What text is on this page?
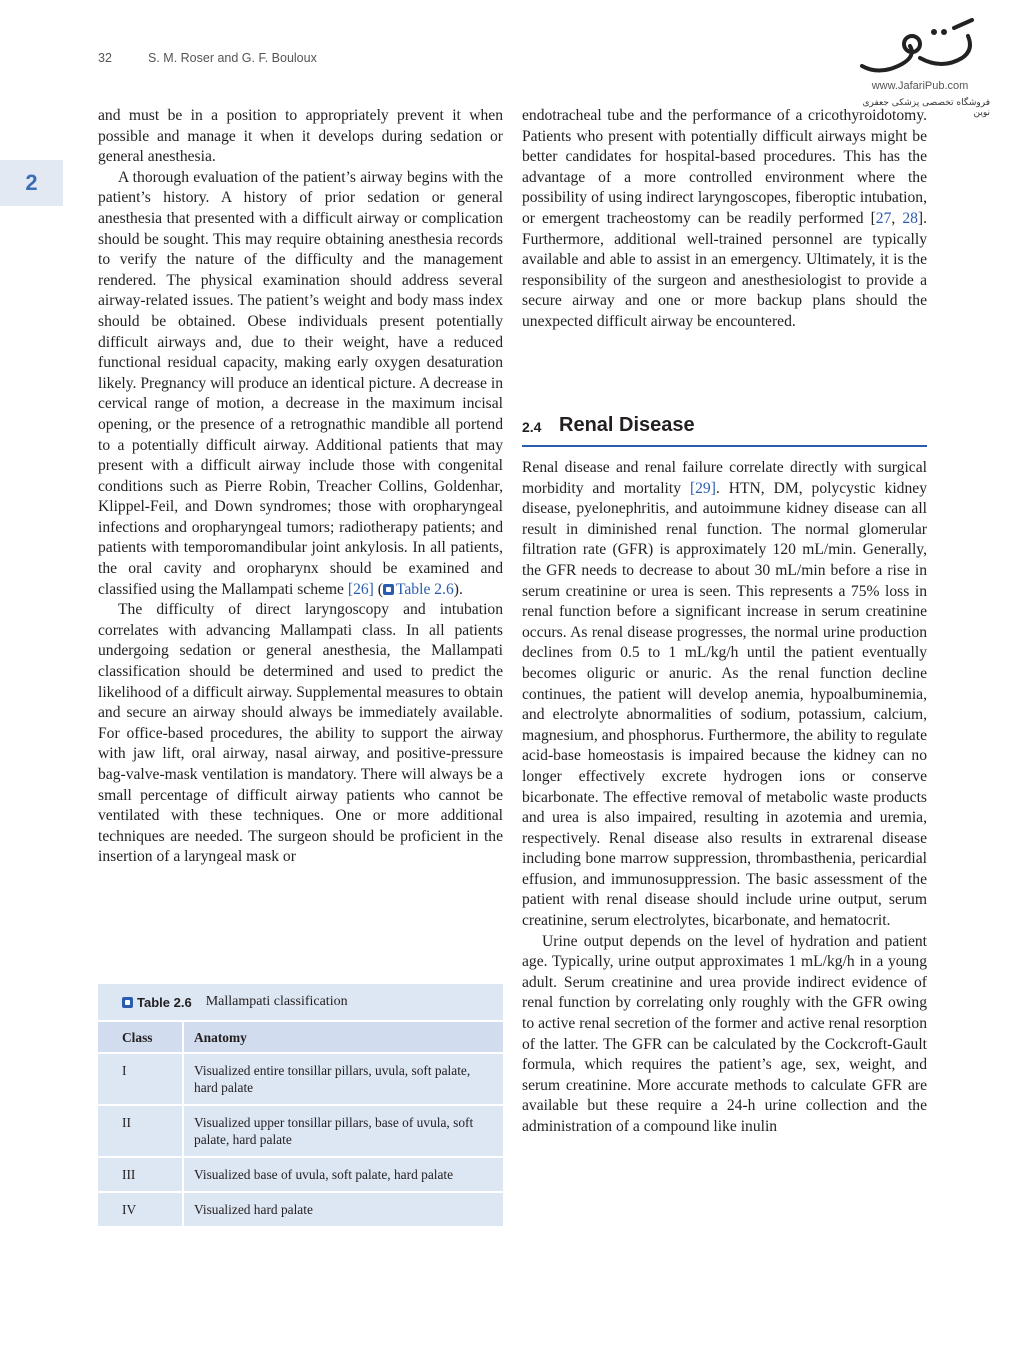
32	S. M. Roser and G. F. Bouloux
2
www.JafariPub.com
فروشگاه تخصصی پزشکی جعفری نوین

and must be in a position to appropriately prevent it when possible and manage it when it develops during sedation or general anesthesia.

A thorough evaluation of the patient’s airway begins with the patient’s history. A history of prior sedation or general anesthesia that presented with a difficult airway or complication should be sought. This may require obtaining anesthesia records to verify the nature of the difficulty and the management rendered. The physical examination should address several airway-related issues. The patient’s weight and body mass index should be obtained. Obese individuals present potentially difficult airways and, due to their weight, have a reduced functional residual capacity, making early oxygen desaturation likely. Pregnancy will produce an identical picture. A decrease in cervical range of motion, a decrease in the maximum incisal opening, or the presence of a retrognathic mandible all portend to a potentially difficult airway. Additional patients that may present with a difficult airway include those with congenital conditions such as Pierre Robin, Treacher Collins, Goldenhar, Klippel-Feil, and Down syndromes; those with oropharyngeal infections and oropharyngeal tumors; radiotherapy patients; and patients with temporomandibular joint ankylosis. In all patients, the oral cavity and oropharynx should be examined and classified using the Mallampati scheme [26] ( Table 2.6).

The difficulty of direct laryngoscopy and intubation correlates with advancing Mallampati class. In all patients undergoing sedation or general anesthesia, the Mallampati classification should be determined and used to predict the likelihood of a difficult airway. Supplemental measures to obtain and secure an airway should always be immediately available. For office-based procedures, the ability to support the airway with jaw lift, oral airway, nasal airway, and positive-pressure bag-valve-mask ventilation is mandatory. There will always be a small percentage of difficult airway patients who cannot be ventilated with these techniques. One or more additional techniques are needed. The surgeon should be proficient in the insertion of a laryngeal mask or

endotracheal tube and the performance of a cricothyroidotomy. Patients who present with potentially difficult airways might be better candidates for hospital-based procedures. This has the advantage of a more controlled environment where the possibility of using indirect laryngoscopes, fiberoptic intubation, or emergent tracheostomy can be readily performed [27, 28]. Furthermore, additional well-trained personnel are typically available and able to assist in an emergency. Ultimately, it is the responsibility of the surgeon and anesthesiologist to provide a secure airway and one or more backup plans should the unexpected difficult airway be encountered.

2.4 Renal Disease

Renal disease and renal failure correlate directly with surgical morbidity and mortality [29]. HTN, DM, polycystic kidney disease, pyelonephritis, and autoimmune kidney disease can all result in diminished renal function. The normal glomerular filtration rate (GFR) is approximately 120 mL/min. Generally, the GFR needs to decrease to about 30 mL/min before a rise in serum creatinine or urea is seen. This represents a 75% loss in renal function before a significant increase in serum creatinine occurs. As renal disease progresses, the normal urine production declines from 0.5 to 1 mL/kg/h until the patient eventually becomes oliguric or anuric. As the renal function decline continues, the patient will develop anemia, hypoalbuminemia, and electrolyte abnormalities of sodium, potassium, calcium, magnesium, and phosphorus. Furthermore, the ability to regulate acid-base homeostasis is impaired because the kidney can no longer effectively excrete hydrogen ions or conserve bicarbonate. The effective removal of metabolic waste products and urea is also impaired, resulting in azotemia and uremia, respectively. Renal disease also results in extrarenal disease including bone marrow suppression, thrombasthenia, pericardial effusion, and immunosuppression. The basic assessment of the patient with renal disease should include urine output, serum creatinine, serum electrolytes, bicarbonate, and hematocrit.

Urine output depends on the level of hydration and patient age. Typically, urine output approximates 1 mL/kg/h in a young adult. Serum creatinine and urea provide indirect evidence of renal function by correlating only roughly with the GFR owing to active renal secretion of the former and active renal resorption of the latter. The GFR can be calculated by the Cockcroft-Gault formula, which requires the patient’s age, sex, weight, and serum creatinine. More accurate methods to calculate GFR are available but these require a 24-h urine collection and the administration of a compound like inulin

Table 2.6 Mallampati classification
Class	Anatomy
I	Visualized entire tonsillar pillars, uvula, soft palate, hard palate
II	Visualized upper tonsillar pillars, base of uvula, soft palate, hard palate
III	Visualized base of uvula, soft palate, hard palate
IV	Visualized hard palate
